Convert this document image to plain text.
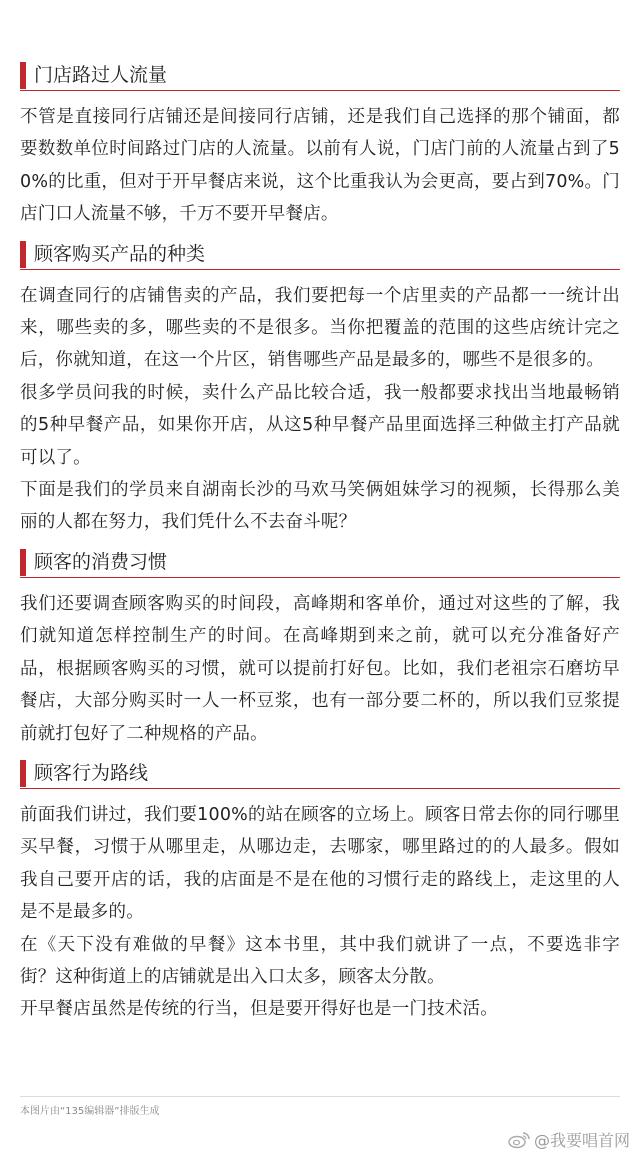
门店路过人流量

不管是直接同行店铺还是间接同行店铺，还是我们自己选择的那个铺面，都要数数单位时间路过门店的人流量。以前有人说，门店门前的人流量占到了50%的比重，但对于开早餐店来说，这个比重我认为会更高，要占到70%。门店门口人流量不够，千万不要开早餐店。

顾客购买产品的种类

在调查同行的店铺售卖的产品，我们要把每一个店里卖的产品都一一统计出来，哪些卖的多，哪些卖的不是很多。当你把覆盖的范围的这些店统计完之后，你就知道，在这一个片区，销售哪些产品是最多的，哪些不是很多的。

很多学员问我的时候，卖什么产品比较合适，我一般都要求找出当地最畅销的5种早餐产品，如果你开店，从这5种早餐产品里面选择三种做主打产品就可以了。

下面是我们的学员来自湖南长沙的马欢马笑俩姐妹学习的视频，长得那么美丽的人都在努力，我们凭什么不去奋斗呢？

顾客的消费习惯

我们还要调查顾客购买的时间段，高峰期和客单价，通过对这些的了解，我们就知道怎样控制生产的时间。在高峰期到来之前，就可以充分准备好产品，根据顾客购买的习惯，就可以提前打好包。比如，我们老祖宗石磨坊早餐店，大部分购买时一人一杯豆浆，也有一部分要二杯的，所以我们豆浆提前就打包好了二种规格的产品。

顾客行为路线

前面我们讲过，我们要100%的站在顾客的立场上。顾客日常去你的同行哪里买早餐，习惯于从哪里走，从哪边走，去哪家，哪里路过的的人最多。假如我自己要开店的话，我的店面是不是在他的习惯行走的路线上，走这里的人是不是最多的。

在《天下没有难做的早餐》这本书里，其中我们就讲了一点，不要选非字街？这种街道上的店铺就是出入口太多，顾客太分散。

开早餐店虽然是传统的行当，但是要开得好也是一门技术活。

本图片由“135编辑器”排版生成
@我要唱首网
